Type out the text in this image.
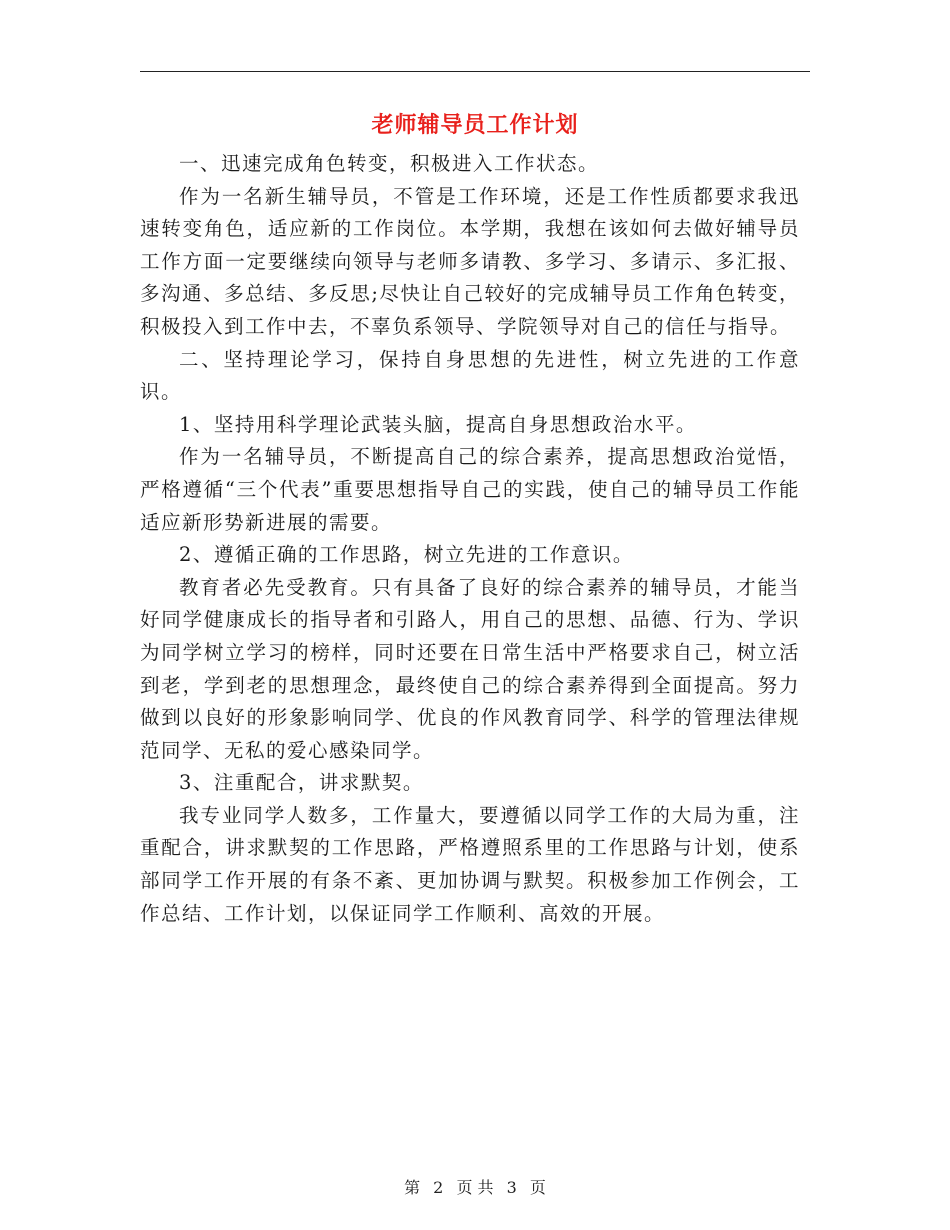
老师辅导员工作计划

一、迅速完成角色转变，积极进入工作状态。

作为一名新生辅导员，不管是工作环境，还是工作性质都要求我迅速转变角色，适应新的工作岗位。本学期，我想在该如何去做好辅导员工作方面一定要继续向领导与老师多请教、多学习、多请示、多汇报、多沟通、多总结、多反思;尽快让自己较好的完成辅导员工作角色转变，积极投入到工作中去，不辜负系领导、学院领导对自己的信任与指导。

二、坚持理论学习，保持自身思想的先进性，树立先进的工作意识。

1、坚持用科学理论武装头脑，提高自身思想政治水平。

作为一名辅导员，不断提高自己的综合素养，提高思想政治觉悟，严格遵循“三个代表”重要思想指导自己的实践，使自己的辅导员工作能适应新形势新进展的需要。

2、遵循正确的工作思路，树立先进的工作意识。

教育者必先受教育。只有具备了良好的综合素养的辅导员，才能当好同学健康成长的指导者和引路人，用自己的思想、品德、行为、学识为同学树立学习的榜样，同时还要在日常生活中严格要求自己，树立活到老，学到老的思想理念，最终使自己的综合素养得到全面提高。努力做到以良好的形象影响同学、优良的作风教育同学、科学的管理法律规范同学、无私的爱心感染同学。

3、注重配合，讲求默契。

我专业同学人数多，工作量大，要遵循以同学工作的大局为重，注重配合，讲求默契的工作思路，严格遵照系里的工作思路与计划，使系部同学工作开展的有条不紊、更加协调与默契。积极参加工作例会，工作总结、工作计划，以保证同学工作顺利、高效的开展。

第 2 页 共 3 页
